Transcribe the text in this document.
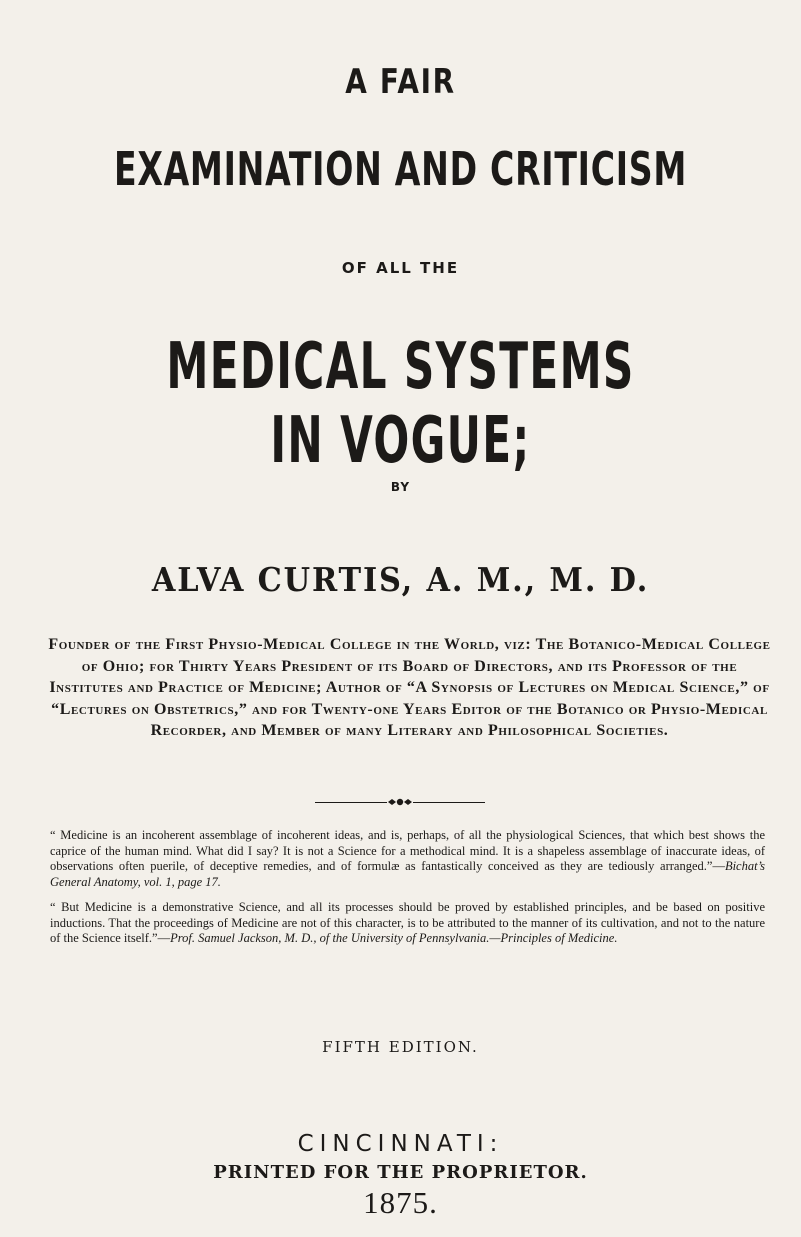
A FAIR
EXAMINATION AND CRITICISM
OF ALL THE
MEDICAL SYSTEMS IN VOGUE;
BY
ALVA CURTIS, A. M., M. D.
Founder of the First Physio-Medical College in the World, viz: The Botanico-Medical College of Ohio; for Thirty Years President of its Board of Directors, and its Professor of the Institutes and Practice of Medicine; Author of “A Synopsis of Lectures on Medical Science,” of “Lectures on Obstetrics,” and for Twenty-one Years Editor of the Botanico or Physio-Medical Recorder, and Member of many Literary and Philosophical Societies.
“ Medicine is an incoherent assemblage of incoherent ideas, and is, perhaps, of all the physiological Sciences, that which best shows the caprice of the human mind. What did I say? It is not a Science for a methodical mind. It is a shapeless assemblage of inaccurate ideas, of observations often puerile, of deceptive remedies, and of formulæ as fantastically conceived as they are tediously arranged.”—Bichat’s General Anatomy, vol. 1, page 17.
“ But Medicine is a demonstrative Science, and all its processes should be proved by established principles, and be based on positive inductions. That the proceedings of Medicine are not of this character, is to be attributed to the manner of its cultivation, and not to the nature of the Science itself.”—Prof. Samuel Jackson, M. D., of the University of Pennsylvania.—Principles of Medicine.
FIFTH EDITION.
CINCINNATI:
PRINTED FOR THE PROPRIETOR.
1875.
